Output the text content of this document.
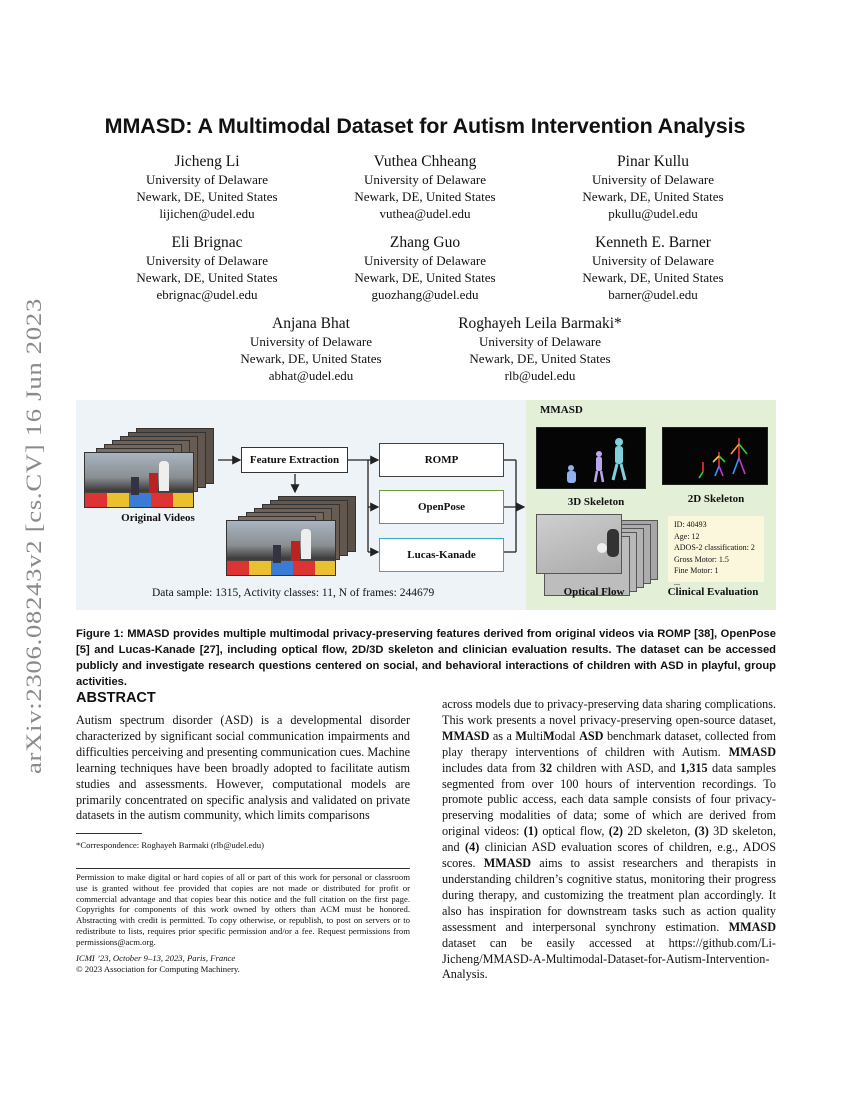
arXiv:2306.08243v2 [cs.CV] 16 Jun 2023
MMASD: A Multimodal Dataset for Autism Intervention Analysis
Jicheng Li
University of Delaware
Newark, DE, United States
lijichen@udel.edu
Vuthea Chheang
University of Delaware
Newark, DE, United States
vuthea@udel.edu
Pinar Kullu
University of Delaware
Newark, DE, United States
pkullu@udel.edu
Eli Brignac
University of Delaware
Newark, DE, United States
ebrignac@udel.edu
Zhang Guo
University of Delaware
Newark, DE, United States
guozhang@udel.edu
Kenneth E. Barner
University of Delaware
Newark, DE, United States
barner@udel.edu
Anjana Bhat
University of Delaware
Newark, DE, United States
abhat@udel.edu
Roghayeh Leila Barmaki*
University of Delaware
Newark, DE, United States
rlb@udel.edu
Original Videos
Feature Extraction	ROMP
OpenPose
Lucas-Kanade
Data sample: 1315, Activity classes: 11, N of frames: 244679
MMASD
3D Skeleton	2D Skeleton
Optical Flow
ID: 40493
Age: 12
ADOS-2 classification: 2
Gross Motor: 1.5
Fine Motor: 1
...
Clinical Evaluation
Figure 1: MMASD provides multiple multimodal privacy-preserving features derived from original videos via ROMP [38], OpenPose [5] and Lucas-Kanade [27], including optical flow, 2D/3D skeleton and clinician evaluation results. The dataset can be accessed publicly and investigate research questions centered on social, and behavioral interactions of children with ASD in playful, group activities.
ABSTRACT
Autism spectrum disorder (ASD) is a developmental disorder characterized by significant social communication impairments and difficulties perceiving and presenting communication cues. Machine learning techniques have been broadly adopted to facilitate autism studies and assessments. However, computational models are primarily concentrated on specific analysis and validated on private datasets in the autism community, which limits comparisons
across models due to privacy-preserving data sharing complications. This work presents a novel privacy-preserving open-source dataset, MMASD as a MultiModal ASD benchmark dataset, collected from play therapy interventions of children with Autism. MMASD includes data from 32 children with ASD, and 1,315 data samples segmented from over 100 hours of intervention recordings. To promote public access, each data sample consists of four privacy-preserving modalities of data; some of which are derived from original videos: (1) optical flow, (2) 2D skeleton, (3) 3D skeleton, and (4) clinician ASD evaluation scores of children, e.g., ADOS scores. MMASD aims to assist researchers and therapists in understanding children’s cognitive status, monitoring their progress during therapy, and customizing the treatment plan accordingly. It also has inspiration for downstream tasks such as action quality assessment and interpersonal synchrony estimation. MMASD dataset can be easily accessed at https://github.com/Li-Jicheng/MMASD-A-Multimodal-Dataset-for-Autism-Intervention-Analysis.
*Correspondence: Roghayeh Barmaki (rlb@udel.edu)
Permission to make digital or hard copies of all or part of this work for personal or classroom use is granted without fee provided that copies are not made or distributed for profit or commercial advantage and that copies bear this notice and the full citation on the first page. Copyrights for components of this work owned by others than ACM must be honored. Abstracting with credit is permitted. To copy otherwise, or republish, to post on servers or to redistribute to lists, requires prior specific permission and/or a fee. Request permissions from permissions@acm.org.
ICMI ’23, October 9–13, 2023, Paris, France
© 2023 Association for Computing Machinery.
